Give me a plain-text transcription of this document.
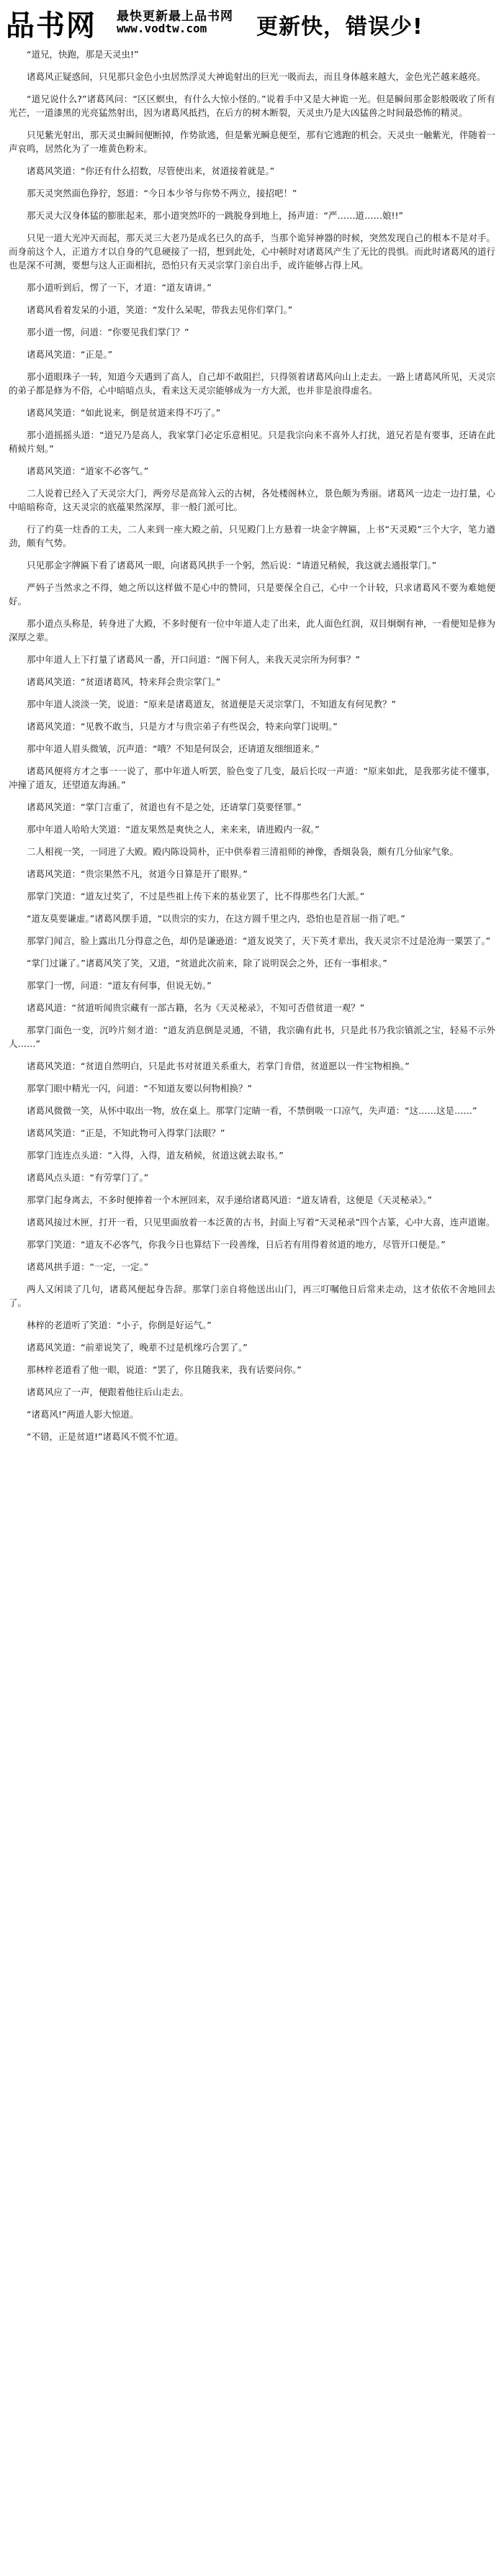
品书网 最快更新最上品书网
www.vodtw.com 更新快，错误少!

“道兄，快跑，那是天灵虫!”

诸葛风正疑惑间，只见那只金色小虫居然浮灵大神诡射出的巨光一吸而去，而且身体越来越大，金色光芒越来越亮。

“道兄说什么?”诸葛风问：“区区螟虫，有什么大惊小怪的。”说着手中又是大神诡一光。但是瞬间那金影般吸收了所有光芒，一道漆黑的光亮猛然射出，因为诸葛风抵挡，在后方的树木断裂，天灵虫乃是大凶猛兽之时间最恐怖的精灵。

只见紫光射出，那天灵虫瞬间便断掉，作势欲逃，但是紫光瞬息便至，那有它逃跑的机会。天灵虫一触紫光，伴随着一声哀鸣，居然化为了一堆黄色粉末。

诸葛风笑道：“你还有什么招数，尽管使出来，贫道接着就是。”

那天灵突然面色狰狞，怒道：“今日本少爷与你势不两立，接招吧！”

那天灵大汉身体猛的膨胀起来，那小道突然吓的一跳脱身到地上，扬声道：“严……道……娘!!”

只见一道大光冲天而起，那天灵三大老乃是成名已久的高手，当那个诡异神器的时候，突然发现自己的根本不是对手。而身前这个人，正道方才以自身的气息硬接了一招，想到此处，心中顿时对诸葛风产生了无比的畏惧。而此时诸葛风的道行也是深不可测，要想与这人正面相抗，恐怕只有天灵宗掌门亲自出手，或许能够占得上风。

那小道听到后，愣了一下，才道：“道友请讲。”

诸葛风看着发呆的小道，笑道：“发什么呆呢，带我去见你们掌门。”

那小道一愣，问道：“你要见我们掌门？”

诸葛风笑道：“正是。”

那小道眼珠子一转，知道今天遇到了高人，自己却不敢阻拦，只得领着诸葛风向山上走去。一路上诸葛风所见，天灵宗的弟子都是修为不俗，心中暗暗点头，看来这天灵宗能够成为一方大派，也并非是浪得虚名。

诸葛风笑道：“如此说来，倒是贫道来得不巧了。”

那小道摇摇头道：“道兄乃是高人，我家掌门必定乐意相见。只是我宗向来不喜外人打扰，道兄若是有要事，还请在此稍候片刻。”

诸葛风笑道：“道家不必客气。”

二人说着已经入了天灵宗大门，两旁尽是高耸入云的古树，各处楼阁林立，景色颇为秀丽。诸葛风一边走一边打量，心中暗暗称奇，这天灵宗的底蕴果然深厚，非一般门派可比。

行了约莫一炷香的工夫，二人来到一座大殿之前，只见殿门上方悬着一块金字牌匾，上书“天灵殿”三个大字，笔力遒劲，颇有气势。

只见那金字牌匾下看了诸葛风一眼，向诸葛风拱手一个躬，然后说：“请道兄稍候，我这就去通报掌门。”

严妈子当然求之不得，她之所以这样做不是心中的赞同，只是要保全自己，心中一个计较，只求诸葛风不要为难她便好。

那小道点头称是，转身进了大殿，不多时便有一位中年道人走了出来，此人面色红润，双目炯炯有神，一看便知是修为深厚之辈。

那中年道人上下打量了诸葛风一番，开口问道：“阁下何人，来我天灵宗所为何事？”

诸葛风笑道：“贫道诸葛风，特来拜会贵宗掌门。”

那中年道人淡淡一笑，说道：“原来是诸葛道友，贫道便是天灵宗掌门，不知道友有何见教？”

诸葛风笑道：“见教不敢当，只是方才与贵宗弟子有些误会，特来向掌门说明。”

那中年道人眉头微皱，沉声道：“哦？不知是何误会，还请道友细细道来。”

诸葛风便将方才之事一一说了，那中年道人听罢，脸色变了几变，最后长叹一声道：“原来如此，是我那劣徒不懂事，冲撞了道友，还望道友海涵。”

诸葛风笑道：“掌门言重了，贫道也有不是之处，还请掌门莫要怪罪。”

那中年道人哈哈大笑道：“道友果然是爽快之人，来来来，请进殿内一叙。”

二人相视一笑，一同进了大殿。殿内陈设简朴，正中供奉着三清祖师的神像，香烟袅袅，颇有几分仙家气象。

诸葛风笑道：“贵宗果然不凡，贫道今日算是开了眼界。”

那掌门笑道：“道友过奖了，不过是些祖上传下来的基业罢了，比不得那些名门大派。”

“道友莫要谦虚。”诸葛风摆手道，“以贵宗的实力，在这方圆千里之内，恐怕也是首屈一指了吧。”

那掌门闻言，脸上露出几分得意之色，却仍是谦逊道：“道友说笑了，天下英才辈出，我天灵宗不过是沧海一粟罢了。”

“掌门过谦了。”诸葛风笑了笑，又道，“贫道此次前来，除了说明误会之外，还有一事相求。”

那掌门一愣，问道：“道友有何事，但说无妨。”

诸葛风道：“贫道听闻贵宗藏有一部古籍，名为《天灵秘录》，不知可否借贫道一观？”

那掌门面色一变，沉吟片刻才道：“道友消息倒是灵通，不错，我宗确有此书，只是此书乃我宗镇派之宝，轻易不示外人……”

诸葛风笑道：“贫道自然明白，只是此书对贫道关系重大，若掌门肯借，贫道愿以一件宝物相换。”

那掌门眼中精光一闪，问道：“不知道友要以何物相换？”

诸葛风微微一笑，从怀中取出一物，放在桌上。那掌门定睛一看，不禁倒吸一口凉气，失声道：“这……这是……”

诸葛风笑道：“正是，不知此物可入得掌门法眼？”

那掌门连连点头道：“入得，入得，道友稍候，贫道这就去取书。”

诸葛风点头道：“有劳掌门了。”

那掌门起身离去，不多时便捧着一个木匣回来，双手递给诸葛风道：“道友请看，这便是《天灵秘录》。”

诸葛风接过木匣，打开一看，只见里面放着一本泛黄的古书，封面上写着“天灵秘录”四个古篆，心中大喜，连声道谢。

那掌门笑道：“道友不必客气，你我今日也算结下一段善缘，日后若有用得着贫道的地方，尽管开口便是。”

诸葛风拱手道：“一定，一定。”

两人又闲谈了几句，诸葛风便起身告辞。那掌门亲自将他送出山门，再三叮嘱他日后常来走动，这才依依不舍地回去了。

林梓的老道听了笑道：“小子，你倒是好运气。”

诸葛风笑道：“前辈说笑了，晚辈不过是机缘巧合罢了。”

那林梓老道看了他一眼，说道：“罢了，你且随我来，我有话要问你。”

诸葛风应了一声，便跟着他往后山走去。

“诸葛风!”两道人影大惊道。

“不错，正是贫道!”诸葛风不慌不忙道。
